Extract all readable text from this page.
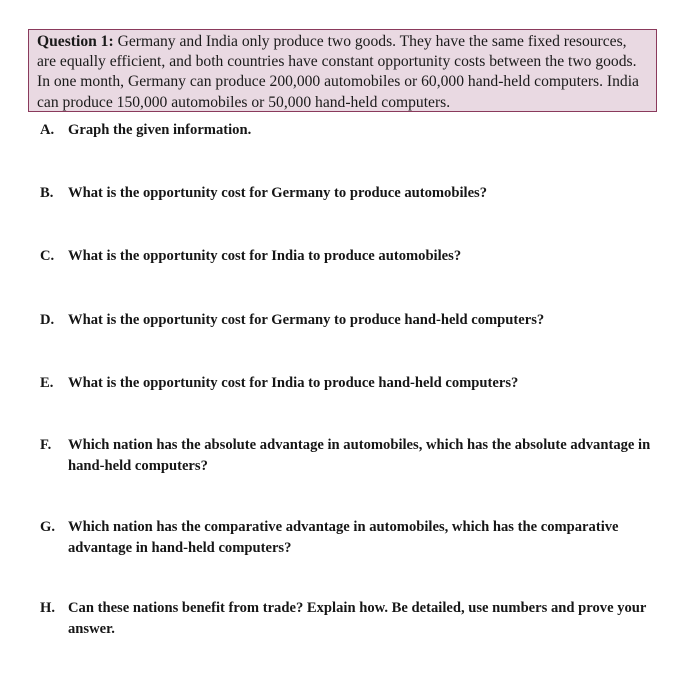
Question 1: Germany and India only produce two goods. They have the same fixed resources, are equally efficient, and both countries have constant opportunity costs between the two goods. In one month, Germany can produce 200,000 automobiles or 60,000 hand-held computers. India can produce 150,000 automobiles or 50,000 hand-held computers.
A. Graph the given information.
B.	What is the opportunity cost for Germany to produce automobiles?
C. What is the opportunity cost for India to produce automobiles?
D. What is the opportunity cost for Germany to produce hand-held computers?
E.	What is the opportunity cost for India to produce hand-held computers?
F.	Which nation has the absolute advantage in automobiles, which has the absolute advantage in hand-held computers?
G. Which nation has the comparative advantage in automobiles, which has the comparative advantage in hand-held computers?
H. Can these nations benefit from trade? Explain how. Be detailed, use numbers and prove your answer.
